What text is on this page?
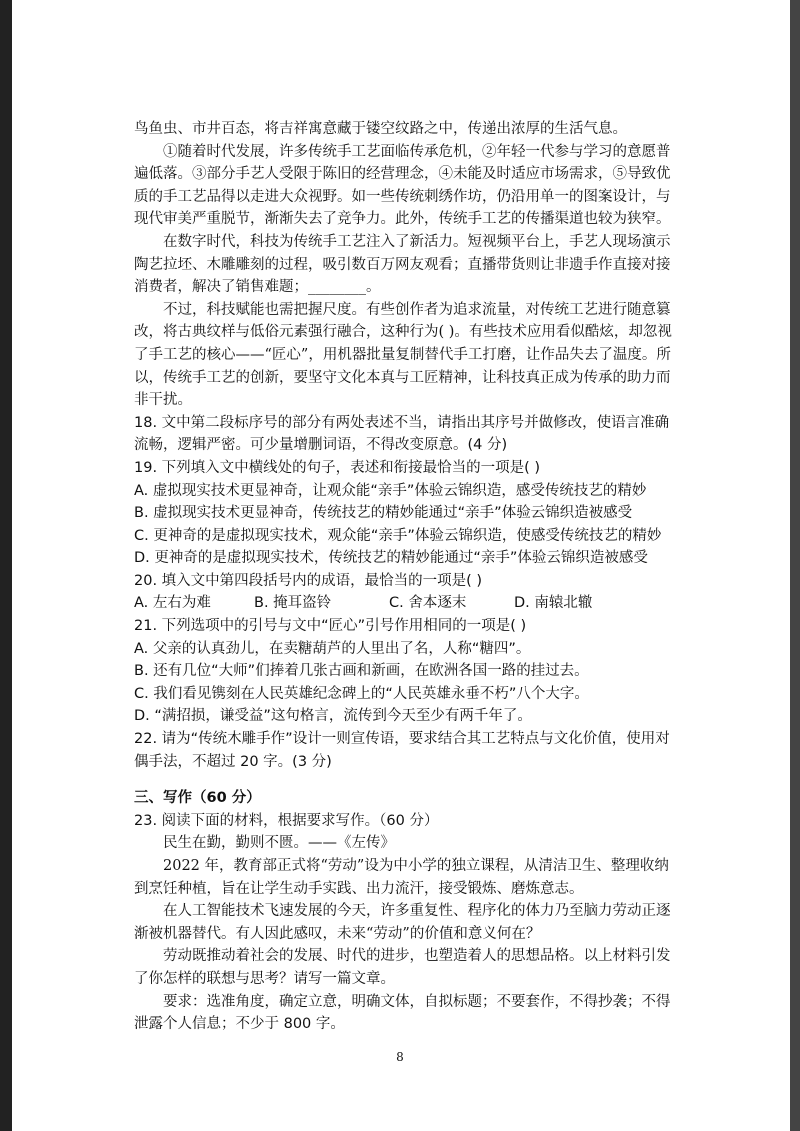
鸟鱼虫、市井百态，将吉祥寓意藏于镂空纹路之中，传递出浓厚的生活气息。

①随着时代发展，许多传统手工艺面临传承危机，②年轻一代参与学习的意愿普遍低落。③部分手艺人受限于陈旧的经营理念，④未能及时适应市场需求，⑤导致优质的手工艺品得以走进大众视野。如一些传统刺绣作坊，仍沿用单一的图案设计，与现代审美严重脱节，渐渐失去了竞争力。此外，传统手工艺的传播渠道也较为狭窄。

在数字时代，科技为传统手工艺注入了新活力。短视频平台上，手艺人现场演示陶艺拉坯、木雕雕刻的过程，吸引数百万网友观看；直播带货则让非遗手作直接对接消费者，解决了销售难题；________。

不过，科技赋能也需把握尺度。有些创作者为追求流量，对传统工艺进行随意篡改，将古典纹样与低俗元素强行融合，这种行为( )。有些技术应用看似酷炫，却忽视了手工艺的核心——“匠心”，用机器批量复制替代手工打磨，让作品失去了温度。所以，传统手工艺的创新，要坚守文化本真与工匠精神，让科技真正成为传承的助力而非干扰。

18. 文中第二段标序号的部分有两处表述不当，请指出其序号并做修改，使语言准确流畅，逻辑严密。可少量增删词语，不得改变原意。(4 分)

19. 下列填入文中横线处的句子，表述和衔接最恰当的一项是( )

A. 虚拟现实技术更显神奇，让观众能“亲手”体验云锦织造，感受传统技艺的精妙

B. 虚拟现实技术更显神奇，传统技艺的精妙能通过“亲手”体验云锦织造被感受

C. 更神奇的是虚拟现实技术，观众能“亲手”体验云锦织造，使感受传统技艺的精妙

D. 更神奇的是虚拟现实技术，传统技艺的精妙能通过“亲手”体验云锦织造被感受

20. 填入文中第四段括号内的成语，最恰当的一项是( )

A. 左右为难	B. 掩耳盗铃	C. 舍本逐末	D. 南辕北辙

21. 下列选项中的引号与文中“匠心”引号作用相同的一项是( )

A. 父亲的认真劲儿，在卖糖葫芦的人里出了名，人称“糖四”。

B. 还有几位“大师”们捧着几张古画和新画，在欧洲各国一路的挂过去。

C. 我们看见镌刻在人民英雄纪念碑上的“人民英雄永垂不朽”八个大字。

D. “满招损，谦受益”这句格言，流传到今天至少有两千年了。

22. 请为“传统木雕手作”设计一则宣传语，要求结合其工艺特点与文化价值，使用对偶手法，不超过 20 字。(3 分)

三、写作（60 分）

23. 阅读下面的材料，根据要求写作。（60 分）

民生在勤，勤则不匮。——《左传》

2022 年，教育部正式将“劳动”设为中小学的独立课程，从清洁卫生、整理收纳到烹饪种植，旨在让学生动手实践、出力流汗，接受锻炼、磨炼意志。

在人工智能技术飞速发展的今天，许多重复性、程序化的体力乃至脑力劳动正逐渐被机器替代。有人因此感叹，未来“劳动”的价值和意义何在？

劳动既推动着社会的发展、时代的进步，也塑造着人的思想品格。以上材料引发了你怎样的联想与思考？请写一篇文章。

要求：选准角度，确定立意，明确文体，自拟标题；不要套作，不得抄袭；不得泄露个人信息；不少于 800 字。

8
